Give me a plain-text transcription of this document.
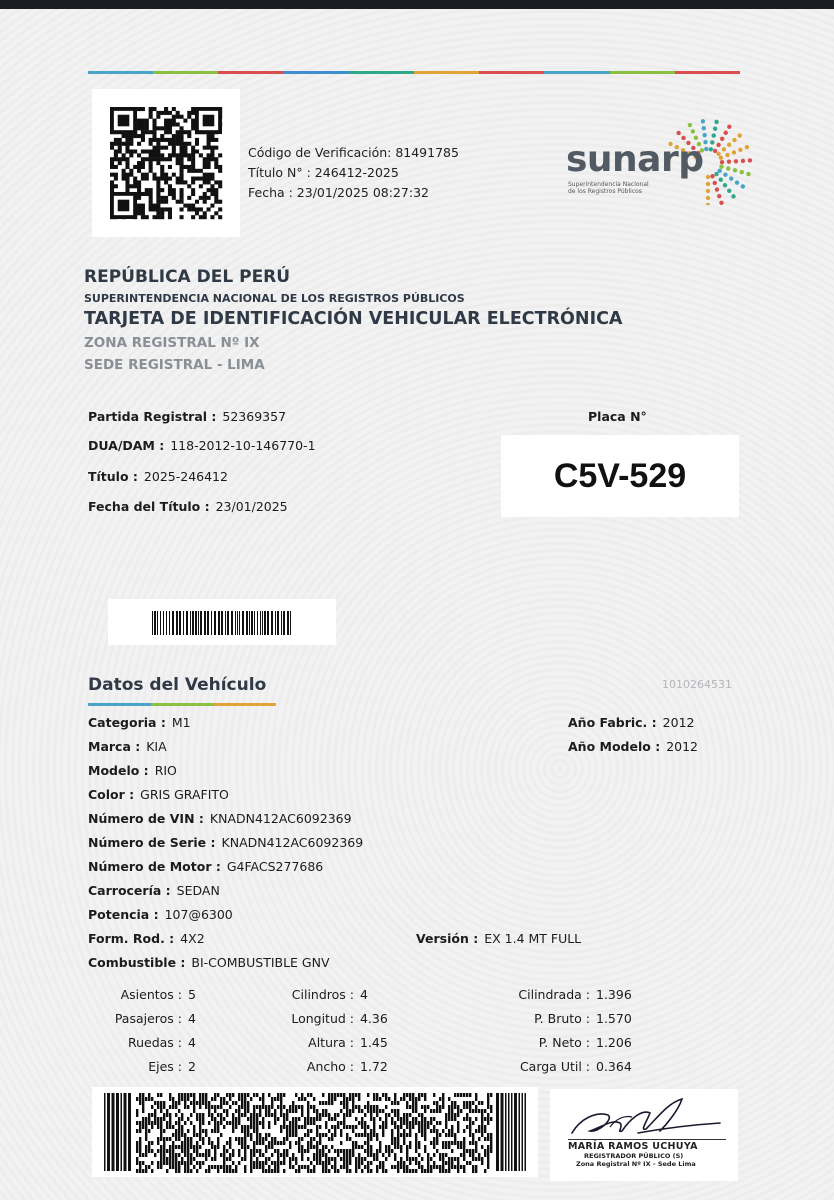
Código de Verificación: 81491785
Título N° : 246412-2025
Fecha : 23/01/2025 08:27:32
sunarp
Superintendencia Nacional
de los Registros Públicos
REPÚBLICA DEL PERÚ
SUPERINTENDENCIA NACIONAL DE LOS REGISTROS PÚBLICOS
TARJETA DE IDENTIFICACIÓN VEHICULAR ELECTRÓNICA
ZONA REGISTRAL Nº IX
SEDE REGISTRAL - LIMA
Partida Registral : 52369357
DUA/DAM : 118-2012-10-146770-1
Título : 2025-246412
Fecha del Título : 23/01/2025
Placa N°
C5V-529
Datos del Vehículo	1010264531
Categoria : M1
Marca : KIA
Modelo : RIO
Color : GRIS GRAFITO
Número de VIN : KNADN412AC6092369
Número de Serie : KNADN412AC6092369
Número de Motor : G4FACS277686
Carrocería : SEDAN
Potencia : 107@6300
Form. Rod. : 4X2	Versión : EX 1.4 MT FULL
Combustible : BI-COMBUSTIBLE GNV
Año Fabric. : 2012
Año Modelo : 2012
Asientos : 5
Pasajeros : 4
Ruedas : 4
Ejes : 2
Cilindros : 4
Longitud : 4.36
Altura : 1.45
Ancho : 1.72
Cilindrada : 1.396
P. Bruto : 1.570
P. Neto : 1.206
Carga Util : 0.364
MARÍA RAMOS UCHUYA
REGISTRADOR PÚBLICO (S)
Zona Registral Nº IX - Sede Lima
